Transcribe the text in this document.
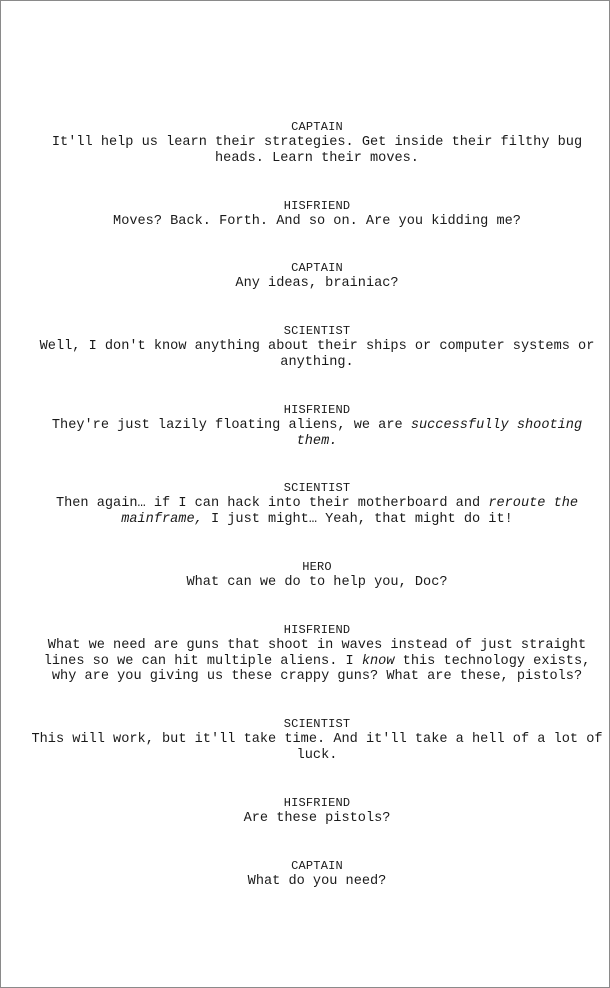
CAPTAIN
It'll help us learn their strategies. Get inside their filthy bug
heads. Learn their moves.
HISFRIEND
Moves? Back. Forth. And so on. Are you kidding me?
CAPTAIN
Any ideas, brainiac?
SCIENTIST
Well, I don't know anything about their ships or computer systems or
anything.
HISFRIEND
They're just lazily floating aliens, we are successfully shooting
them.
SCIENTIST
Then again… if I can hack into their motherboard and reroute the
mainframe, I just might… Yeah, that might do it!
HERO
What can we do to help you, Doc?
HISFRIEND
What we need are guns that shoot in waves instead of just straight
lines so we can hit multiple aliens. I know this technology exists,
why are you giving us these crappy guns? What are these, pistols?
SCIENTIST
This will work, but it'll take time. And it'll take a hell of a lot of
luck.
HISFRIEND
Are these pistols?
CAPTAIN
What do you need?
